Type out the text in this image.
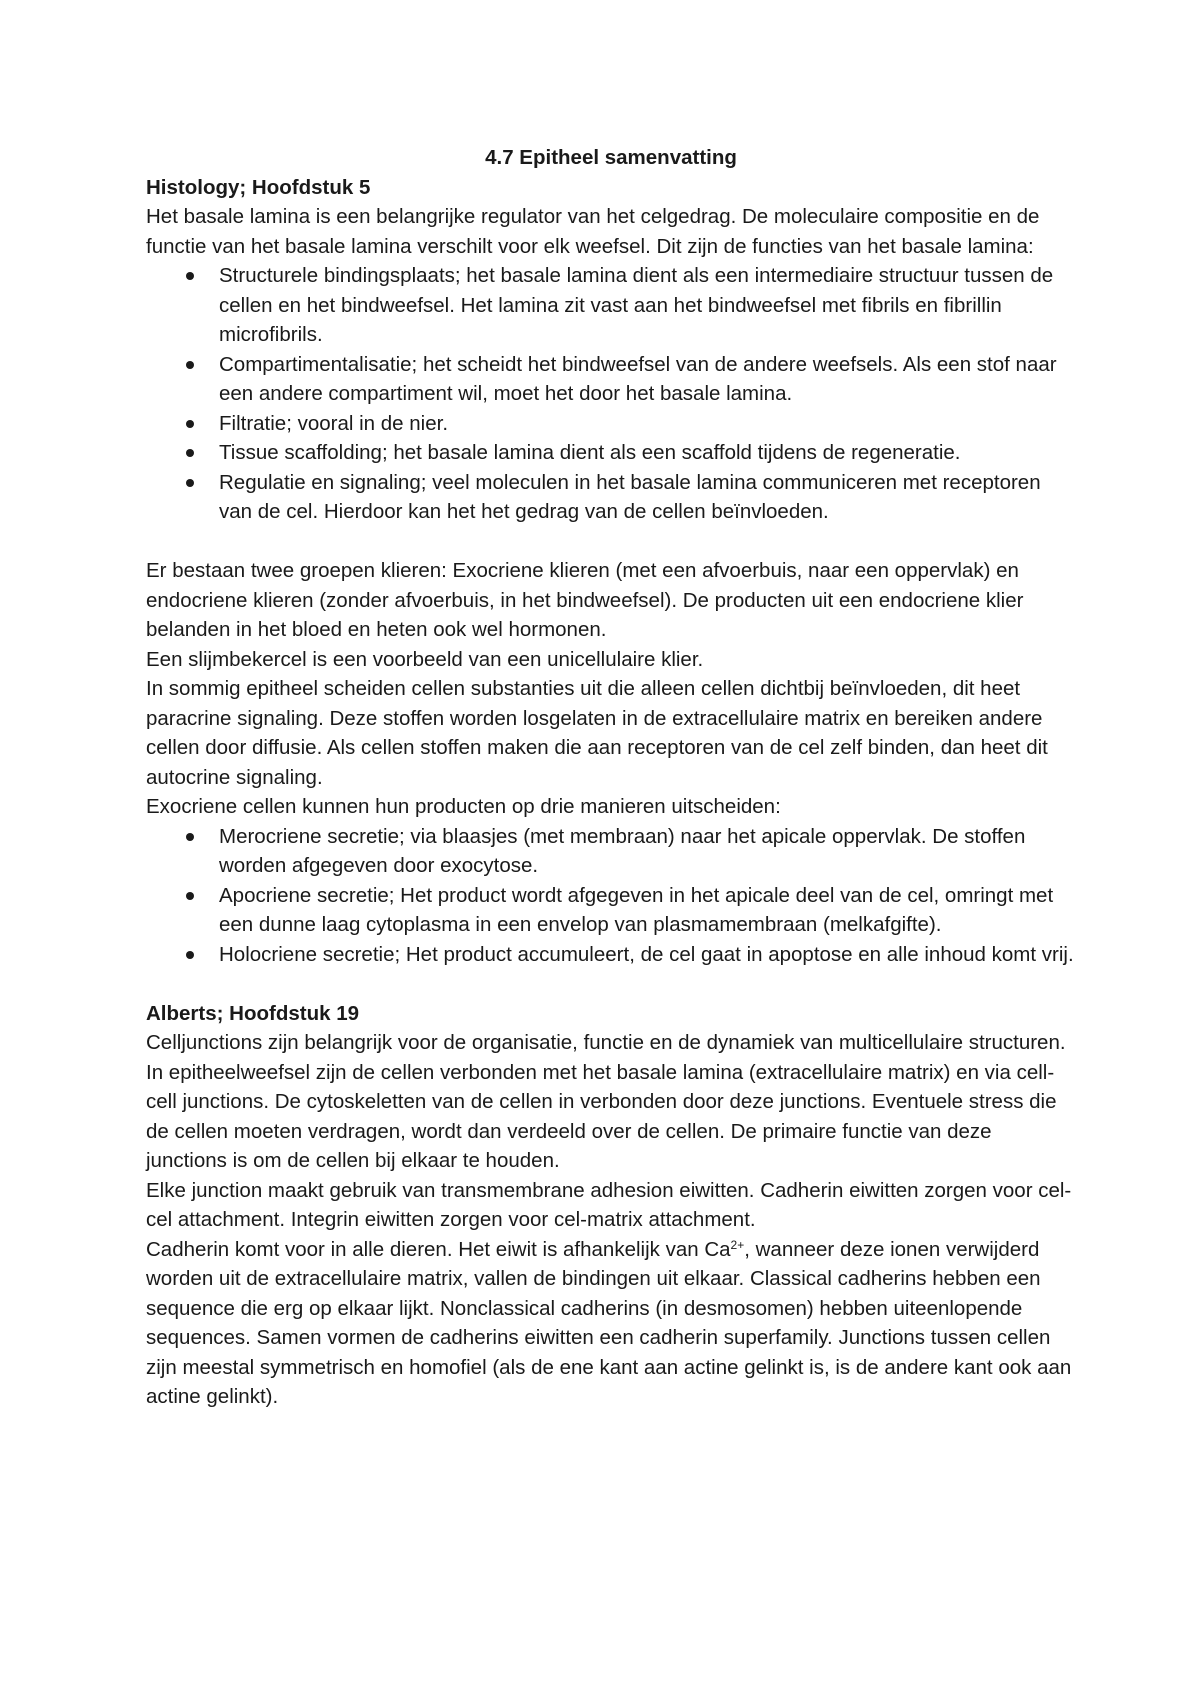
4.7 Epitheel samenvatting
Histology; Hoofdstuk 5

Het basale lamina is een belangrijke regulator van het celgedrag. De moleculaire compositie en de functie van het basale lamina verschilt voor elk weefsel. Dit zijn de functies van het basale lamina:

Structurele bindingsplaats; het basale lamina dient als een intermediaire structuur tussen de cellen en het bindweefsel. Het lamina zit vast aan het bindweefsel met fibrils en fibrillin microfibrils.
Compartimentalisatie; het scheidt het bindweefsel van de andere weefsels. Als een stof naar een andere compartiment wil, moet het door het basale lamina.
Filtratie; vooral in de nier.
Tissue scaffolding; het basale lamina dient als een scaffold tijdens de regeneratie.
Regulatie en signaling; veel moleculen in het basale lamina communiceren met receptoren van de cel. Hierdoor kan het het gedrag van de cellen beïnvloeden.

Er bestaan twee groepen klieren: Exocriene klieren (met een afvoerbuis, naar een oppervlak) en endocriene klieren (zonder afvoerbuis, in het bindweefsel). De producten uit een endocriene klier belanden in het bloed en heten ook wel hormonen.

Een slijmbekercel is een voorbeeld van een unicellulaire klier.

In sommig epitheel scheiden cellen substanties uit die alleen cellen dichtbij beïnvloeden, dit heet paracrine signaling. Deze stoffen worden losgelaten in de extracellulaire matrix en bereiken andere cellen door diffusie. Als cellen stoffen maken die aan receptoren van de cel zelf binden, dan heet dit autocrine signaling.

Exocriene cellen kunnen hun producten op drie manieren uitscheiden:

Merocriene secretie; via blaasjes (met membraan) naar het apicale oppervlak. De stoffen worden afgegeven door exocytose.
Apocriene secretie; Het product wordt afgegeven in het apicale deel van de cel, omringt met een dunne laag cytoplasma in een envelop van plasmamembraan (melkafgifte).
Holocriene secretie; Het product accumuleert, de cel gaat in apoptose en alle inhoud komt vrij.
Alberts; Hoofdstuk 19

Celljunctions zijn belangrijk voor de organisatie, functie en de dynamiek van multicellulaire structuren. In epitheelweefsel zijn de cellen verbonden met het basale lamina (extracellulaire matrix) en via cell-cell junctions. De cytoskeletten van de cellen in verbonden door deze junctions. Eventuele stress die de cellen moeten verdragen, wordt dan verdeeld over de cellen. De primaire functie van deze junctions is om de cellen bij elkaar te houden.

Elke junction maakt gebruik van transmembrane adhesion eiwitten. Cadherin eiwitten zorgen voor cel-cel attachment. Integrin eiwitten zorgen voor cel-matrix attachment.

Cadherin komt voor in alle dieren. Het eiwit is afhankelijk van $Ca^{2+}$, wanneer deze ionen verwijderd worden uit de extracellulaire matrix, vallen de bindingen uit elkaar. Classical cadherins hebben een sequence die erg op elkaar lijkt. Nonclassical cadherins (in desmosomen) hebben uiteenlopende sequences. Samen vormen de cadherins eiwitten een cadherin superfamily. Junctions tussen cellen zijn meestal symmetrisch en homofiel (als de ene kant aan actine gelinkt is, is de andere kant ook aan actine gelinkt).
